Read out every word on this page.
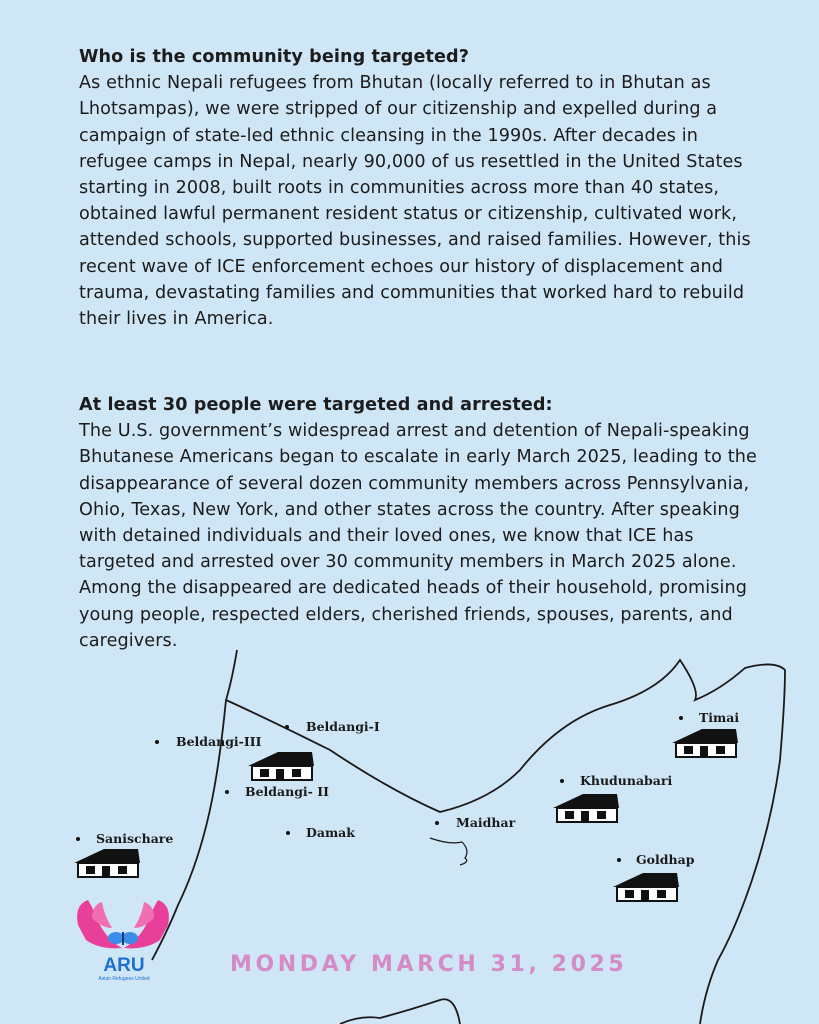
Who is the community being targeted?

As ethnic Nepali refugees from Bhutan (locally referred to in Bhutan as Lhotsampas), we were stripped of our citizenship and expelled during a campaign of state-led ethnic cleansing in the 1990s. After decades in refugee camps in Nepal, nearly 90,000 of us resettled in the United States starting in 2008, built roots in communities across more than 40 states, obtained lawful permanent resident status or citizenship, cultivated work, attended schools, supported businesses, and raised families. However, this recent wave of ICE enforcement echoes our history of displacement and trauma, devastating families and communities that worked hard to rebuild their lives in America.

At least 30 people were targeted and arrested:

The U.S. government’s widespread arrest and detention of Nepali-speaking Bhutanese Americans began to escalate in early March 2025, leading to the disappearance of several dozen community members across Pennsylvania, Ohio, Texas, New York, and other states across the country. After speaking with detained individuals and their loved ones, we know that ICE has targeted and arrested over 30 community members in March 2025 alone. Among the disappeared are dedicated heads of their household, promising young people, respected elders, cherished friends, spouses, parents, and caregivers.

Beldangi-I
Beldangi-III
Beldangi- II
Damak
Sanischare
Maidhar
Timai
Khudunabari
Goldhap
ARU
Asian Refugees United
MONDAY MARCH 31, 2025
